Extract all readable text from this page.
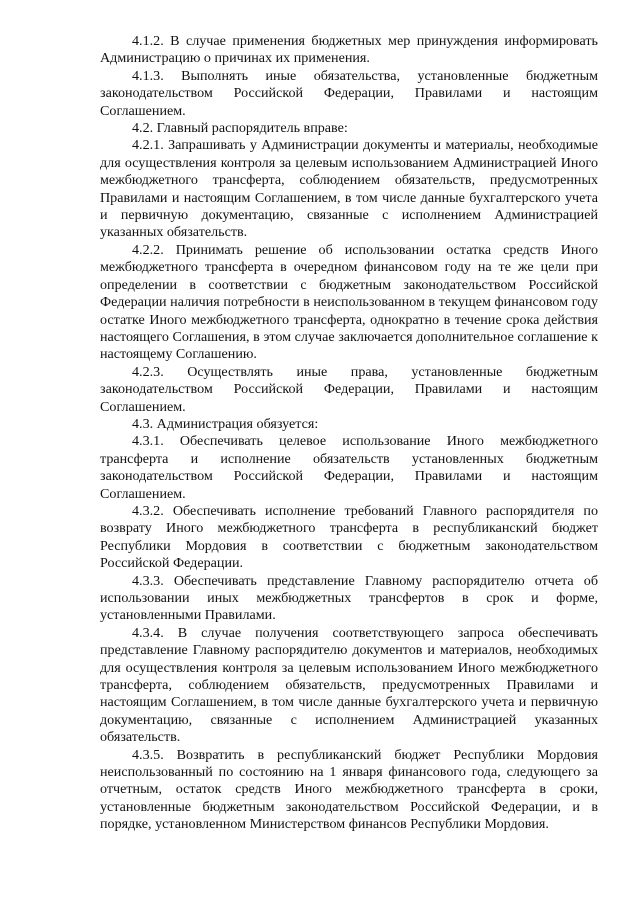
4.1.2. В случае применения бюджетных мер принуждения информировать Администрацию о причинах их применения.

4.1.3. Выполнять иные обязательства, установленные бюджетным законодательством Российской Федерации, Правилами и настоящим Соглашением.

4.2. Главный распорядитель вправе:

4.2.1. Запрашивать у Администрации документы и материалы, необходимые для осуществления контроля за целевым использованием Администрацией Иного межбюджетного трансферта, соблюдением обязательств, предусмотренных Правилами и настоящим Соглашением, в том числе данные бухгалтерского учета и первичную документацию, связанные с исполнением Администрацией указанных обязательств.

4.2.2. Принимать решение об использовании остатка средств Иного межбюджетного трансферта в очередном финансовом году на те же цели при определении в соответствии с бюджетным законодательством Российской Федерации наличия потребности в неиспользованном в текущем финансовом году остатке Иного межбюджетного трансферта, однократно в течение срока действия настоящего Соглашения, в этом случае заключается дополнительное соглашение к настоящему Соглашению.

4.2.3. Осуществлять иные права, установленные бюджетным законодательством Российской Федерации, Правилами и настоящим Соглашением.

4.3. Администрация обязуется:

4.3.1. Обеспечивать целевое использование Иного межбюджетного трансферта и исполнение обязательств установленных бюджетным законодательством Российской Федерации, Правилами и настоящим Соглашением.

4.3.2. Обеспечивать исполнение требований Главного распорядителя по возврату Иного межбюджетного трансферта в республиканский бюджет Республики Мордовия в соответствии с бюджетным законодательством Российской Федерации.

4.3.3. Обеспечивать представление Главному распорядителю отчета об использовании иных межбюджетных трансфертов в срок и форме, установленными Правилами.

4.3.4. В случае получения соответствующего запроса обеспечивать представление Главному распорядителю документов и материалов, необходимых для осуществления контроля за целевым использованием Иного межбюджетного трансферта, соблюдением обязательств, предусмотренных Правилами и настоящим Соглашением, в том числе данные бухгалтерского учета и первичную документацию, связанные с исполнением Администрацией указанных обязательств.

4.3.5. Возвратить в республиканский бюджет Республики Мордовия неиспользованный по состоянию на 1 января финансового года, следующего за отчетным, остаток средств Иного межбюджетного трансферта в сроки, установленные бюджетным законодательством Российской Федерации, и в порядке, установленном Министерством финансов Республики Мордовия.
